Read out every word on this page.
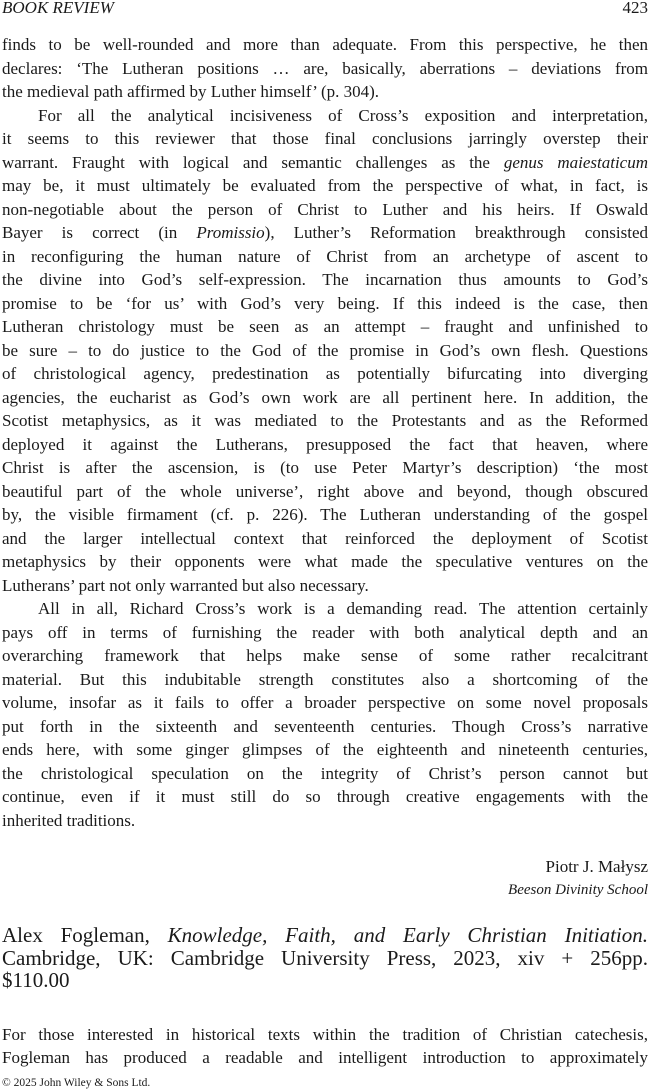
BOOK REVIEW	423
finds to be well-rounded and more than adequate. From this perspective, he then
declares: ‘The Lutheran positions … are, basically, aberrations – deviations from
the medieval path affirmed by Luther himself’ (p. 304).
For all the analytical incisiveness of Cross’s exposition and interpretation,
it seems to this reviewer that those final conclusions jarringly overstep their
warrant. Fraught with logical and semantic challenges as the genus maiestaticum
may be, it must ultimately be evaluated from the perspective of what, in fact, is
non-negotiable about the person of Christ to Luther and his heirs. If Oswald
Bayer is correct (in Promissio), Luther’s Reformation breakthrough consisted
in reconfiguring the human nature of Christ from an archetype of ascent to
the divine into God’s self-expression. The incarnation thus amounts to God’s
promise to be ‘for us’ with God’s very being. If this indeed is the case, then
Lutheran christology must be seen as an attempt – fraught and unfinished to
be sure – to do justice to the God of the promise in God’s own flesh. Questions
of christological agency, predestination as potentially bifurcating into diverging
agencies, the eucharist as God’s own work are all pertinent here. In addition, the
Scotist metaphysics, as it was mediated to the Protestants and as the Reformed
deployed it against the Lutherans, presupposed the fact that heaven, where
Christ is after the ascension, is (to use Peter Martyr’s description) ‘the most
beautiful part of the whole universe’, right above and beyond, though obscured
by, the visible firmament (cf. p. 226). The Lutheran understanding of the gospel
and the larger intellectual context that reinforced the deployment of Scotist
metaphysics by their opponents were what made the speculative ventures on the
Lutherans’ part not only warranted but also necessary.
All in all, Richard Cross’s work is a demanding read. The attention certainly
pays off in terms of furnishing the reader with both analytical depth and an
overarching framework that helps make sense of some rather recalcitrant
material. But this indubitable strength constitutes also a shortcoming of the
volume, insofar as it fails to offer a broader perspective on some novel proposals
put forth in the sixteenth and seventeenth centuries. Though Cross’s narrative
ends here, with some ginger glimpses of the eighteenth and nineteenth centuries,
the christological speculation on the integrity of Christ’s person cannot but
continue, even if it must still do so through creative engagements with the
inherited traditions.
Piotr J. Małysz
Beeson Divinity School
Alex Fogleman, Knowledge, Faith, and Early Christian Initiation.
Cambridge, UK: Cambridge University Press, 2023, xiv + 256pp.
$110.00
For those interested in historical texts within the tradition of Christian catechesis,
Fogleman has produced a readable and intelligent introduction to approximately
© 2025 John Wiley & Sons Ltd.
